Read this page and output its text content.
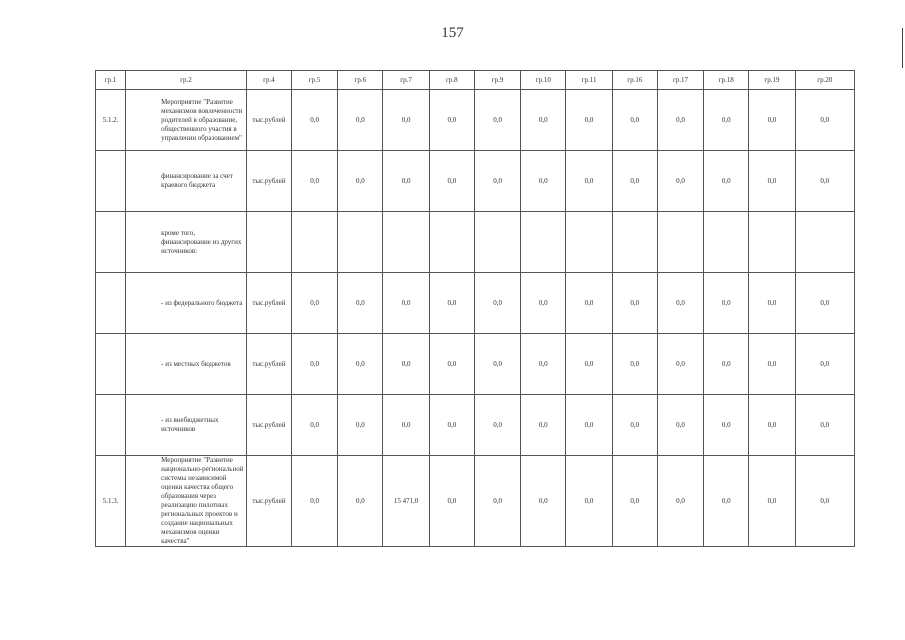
157
гр.1	гр.2	гр.4	гр.5	гр.6	гр.7	гр.8	гр.9	гр.10	гр.11	гр.16	гр.17	гр.18	гр.19	гр.20
5.1.2.	Мероприятие "Развитие механизмов вовлеченности родителей в образование, общественного участия в управлении образованием"	тыс.рублей	0,0	0,0	0,0	0,0	0,0	0,0	0,0	0,0	0,0	0,0	0,0	0,0
	финансирование за счет краевого бюджета	тыс.рублей	0,0	0,0	0,0	0,0	0,0	0,0	0,0	0,0	0,0	0,0	0,0	0,0
	кроме того, финансирование из других источников:													
	- из федерального бюджета	тыс.рублей	0,0	0,0	0,0	0,0	0,0	0,0	0,0	0,0	0,0	0,0	0,0	0,0
	- из местных бюджетов	тыс.рублей	0,0	0,0	0,0	0,0	0,0	0,0	0,0	0,0	0,0	0,0	0,0	0,0
	- из внебюджетных источников	тыс.рублей	0,0	0,0	0,0	0,0	0,0	0,0	0,0	0,0	0,0	0,0	0,0	0,0
5.1.3.	Мероприятие "Развитие национально-региональной системы независимой оценки качества общего образования через реализацию пилотных региональных проектов и создание национальных механизмов оценки качества"	тыс.рублей	0,0	0,0	15 471,0	0,0	0,0	0,0	0,0	0,0	0,0	0,0	0,0	0,0
